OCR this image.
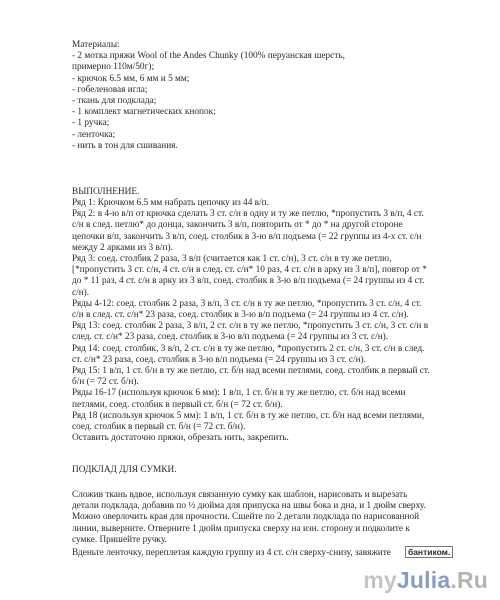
Материалы:
- 2 мотка пряжи Wool of the Andes Chunky (100% перуанская шерсть,
примерно 110м/50г);
- крючок 6.5 мм, 6 мм и 5 мм;
- гобеленовая игла;
- ткань для подклада;
- 1 комплект магнетических кнопок;
- 1 ручка;
- ленточка;
- нить в тон для сшивания.
ВЫПОЛНЕНИЕ.
Ряд 1: Крючком 6.5 мм набрать цепочку из 44 в/п.
Ряд 2: в 4-ю в/п от крючка сделать 3 ст. с/н в одну и ту же петлю, *пропустить 3 в/п, 4 ст.
с/н в след. петлю* до донца, закончить 3 в/п, повторить от * до * на другой стороне
цепочки в/п, закончить 3 в/п, соед. столбик в 3-ю в/п подъема (= 22 группы из 4-х ст. с/н
между 2 арками из 3 в/п).
Ряд 3: соед. столбик 2 раза, 3 в/п (считается как 1 ст. с/н), 3 ст. с/н в ту же петлю,
[*пропустить 3 ст. с/н, 4 ст. с/н в след. ст. с/н* 10 раз, 4 ст. с/н в арку из 3 в/п], повтор от *
до * 11 раз, 4 ст. с/н в арку из 3 в/п, соед. столбик в 3-ю в/п подъема (= 24 группы из 4 ст.
с/н).
Ряды 4-12: соед. столбик 2 раза, 3 в/п, 3 ст. с/н в ту же петлю, *пропустить 3 ст. с/н, 4 ст.
с/н в след. ст. с/н* 23 раза, соед. столбик в 3-ю в/п подъема (= 24 группы из 4 ст. с/н).
Ряд 13: соед. столбик 2 раза, 3 в/п, 2 ст. с/н в ту же петлю, *пропустить 3 ст. с/н, 3 ст. с/н в
след. ст. с/н* 23 раза, соед. столбик в 3-ю в/п подъема (= 24 группы из 3 ст. с/н).
Ряд 14: соед. столбик, 3 в/п, 2 ст. с/н в ту же петлю, *пропустить 2 ст. с/н, 3 ст. с/н в след.
ст. с/н* 23 раза, соед. столбик в 3-ю в/п подъема (= 24 группы из 3 ст. с/н).
Ряд 15: 1 в/п, 1 ст. б/н в ту же петлю, ст. б/н над всеми петлями, соед. столбик в первый ст.
б/н (= 72 ст. б/н).
Ряды 16-17 (используя крючок 6 мм): 1 в/п, 1 ст. б/н в ту же петлю, ст. б/н над всеми
петлями, соед. столбик в первый ст. б/н (= 72 ст. б/н).
Ряд 18 (используя крючок 5 мм): 1 в/п, 1 ст. б/н в ту же петлю, ст. б/н над всеми петлями,
соед. столбик в первый ст. б/н (= 72 ст. б/н).
Оставить достаточно пряжи, обрезать нить, закрепить.
ПОДКЛАД ДЛЯ СУМКИ.
Сложив ткань вдвое, используя связанную сумку как шаблон, нарисовать и вырезать
детали подклада, добавив по ½ дюйма для припуска на швы бока и дна, и 1 дюйм сверху.
Можно оверлочить края для прочности. Сшейте по 2 детали подклада по нарисованной
линии, выверните. Отверните 1 дюйм припуска сверху на изн. сторону и подколите к
сумке. Пришейте ручку.
Вденьте ленточку, переплетая каждую группу из 4 ст. с/н сверху-снизу, завяжите бантиком.
myJulia.Ru
